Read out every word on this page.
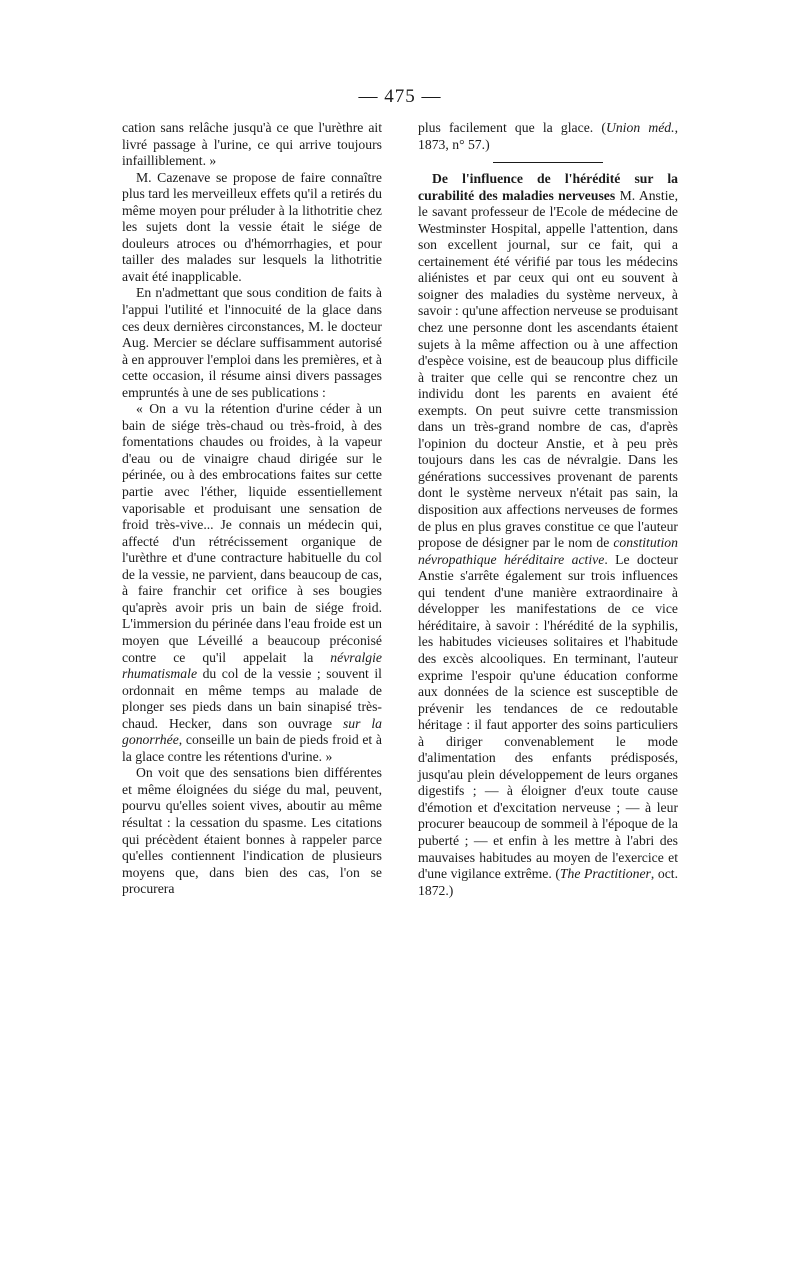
— 475 —

cation sans relâche jusqu'à ce que l'urèthre ait livré passage à l'urine, ce qui arrive toujours infailliblement. »

M. Cazenave se propose de faire connaître plus tard les merveilleux effets qu'il a retirés du même moyen pour préluder à la lithotritie chez les sujets dont la vessie était le siége de douleurs atroces ou d'hémorrhagies, et pour tailler des malades sur lesquels la lithotritie avait été inapplicable.

En n'admettant que sous condition de faits à l'appui l'utilité et l'innocuité de la glace dans ces deux dernières circonstances, M. le docteur Aug. Mercier se déclare suffisamment autorisé à en approuver l'emploi dans les premières, et à cette occasion, il résume ainsi divers passages empruntés à une de ses publications :

« On a vu la rétention d'urine céder à un bain de siége très-chaud ou très-froid, à des fomentations chaudes ou froides, à la vapeur d'eau ou de vinaigre chaud dirigée sur le périnée, ou à des embrocations faites sur cette partie avec l'éther, liquide essentiellement vaporisable et produisant une sensation de froid très-vive... Je connais un médecin qui, affecté d'un rétrécissement organique de l'urèthre et d'une contracture habituelle du col de la vessie, ne parvient, dans beaucoup de cas, à faire franchir cet orifice à ses bougies qu'après avoir pris un bain de siége froid. L'immersion du périnée dans l'eau froide est un moyen que Léveillé a beaucoup préconisé contre ce qu'il appelait la névralgie rhumatismale du col de la vessie ; souvent il ordonnait en même temps au malade de plonger ses pieds dans un bain sinapisé très-chaud. Hecker, dans son ouvrage sur la gonorrhée, conseille un bain de pieds froid et à la glace contre les rétentions d'urine. »

On voit que des sensations bien différentes et même éloignées du siége du mal, peuvent, pourvu qu'elles soient vives, aboutir au même résultat : la cessation du spasme. Les citations qui précèdent étaient bonnes à rappeler parce qu'elles contiennent l'indication de plusieurs moyens que, dans bien des cas, l'on se procurera

plus facilement que la glace. (Union méd., 1873, n° 57.)

De l'influence de l'hérédité sur la curabilité des maladies nerveuses M. Anstie, le savant professeur de l'Ecole de médecine de Westminster Hospital, appelle l'attention, dans son excellent journal, sur ce fait, qui a certainement été vérifié par tous les médecins aliénistes et par ceux qui ont eu souvent à soigner des maladies du système nerveux, à savoir : qu'une affection nerveuse se produisant chez une personne dont les ascendants étaient sujets à la même affection ou à une affection d'espèce voisine, est de beaucoup plus difficile à traiter que celle qui se rencontre chez un individu dont les parents en avaient été exempts. On peut suivre cette transmission dans un très-grand nombre de cas, d'après l'opinion du docteur Anstie, et à peu près toujours dans les cas de névralgie. Dans les générations successives provenant de parents dont le système nerveux n'était pas sain, la disposition aux affections nerveuses de formes de plus en plus graves constitue ce que l'auteur propose de désigner par le nom de constitution névropathique héréditaire active. Le docteur Anstie s'arrête également sur trois influences qui tendent d'une manière extraordinaire à développer les manifestations de ce vice héréditaire, à savoir : l'hérédité de la syphilis, les habitudes vicieuses solitaires et l'habitude des excès alcooliques. En terminant, l'auteur exprime l'espoir qu'une éducation conforme aux données de la science est susceptible de prévenir les tendances de ce redoutable héritage : il faut apporter des soins particuliers à diriger convenablement le mode d'alimentation des enfants prédisposés, jusqu'au plein développement de leurs organes digestifs ; — à éloigner d'eux toute cause d'émotion et d'excitation nerveuse ; — à leur procurer beaucoup de sommeil à l'époque de la puberté ; — et enfin à les mettre à l'abri des mauvaises habitudes au moyen de l'exercice et d'une vigilance extrême. (The Practitioner, oct. 1872.)
